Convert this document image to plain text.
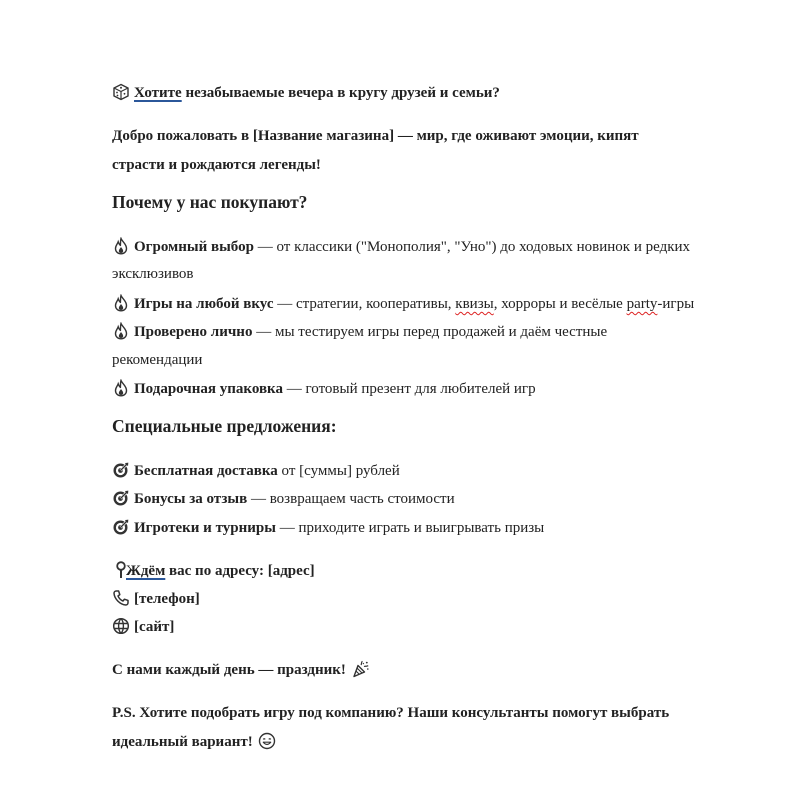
Хотите незабываемые вечера в кругу друзей и семьи?
Добро пожаловать в [Название магазина] — мир, где оживают эмоции, кипят
страсти и рождаются легенды!
Почему у нас покупают?
Огромный выбор — от классики ("Монополия", "Уно") до ходовых новинок и редких
эксклюзивов
Игры на любой вкус — стратегии, кооперативы, квизы, хорроры и весёлые party-игры
Проверено лично — мы тестируем игры перед продажей и даём честные
рекомендации
Подарочная упаковка — готовый презент для любителей игр
Специальные предложения:
Бесплатная доставка от [суммы] рублей
Бонусы за отзыв — возвращаем часть стоимости
Игротеки и турниры — приходите играть и выигрывать призы
Ждём вас по адресу: [адрес]
[телефон]
[сайт]
С нами каждый день — праздник!
P.S. Хотите подобрать игру под компанию? Наши консультанты помогут выбрать
идеальный вариант!
